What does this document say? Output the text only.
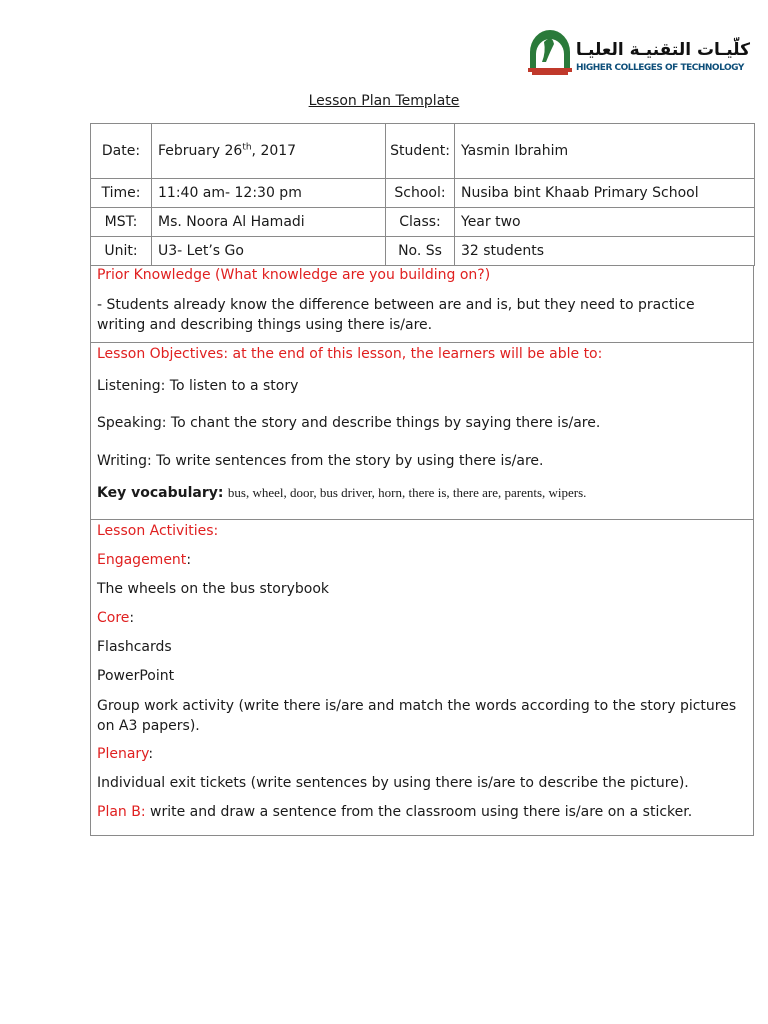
كلّيـات التقنيـة العليـا
HIGHER COLLEGES OF TECHNOLOGY
Lesson Plan Template
Date:	February 26th, 2017	Student:	Yasmin Ibrahim
Time:	11:40 am- 12:30 pm	School:	Nusiba bint Khaab Primary School
MST:	Ms. Noora Al Hamadi	Class:	Year two
Unit:	U3- Let’s Go	No. Ss	32 students

Prior Knowledge (What knowledge are you building on?)

- Students already know the difference between are and is, but they need to practice writing and describing things using there is/are.

Lesson Objectives: at the end of this lesson, the learners will be able to:

Listening: To listen to a story

Speaking: To chant the story and describe things by saying there is/are.

Writing: To write sentences from the story by using there is/are.

Key vocabulary: bus, wheel, door, bus driver, horn, there is, there are, parents, wipers.

Lesson Activities:

Engagement:

The wheels on the bus storybook

Core:

Flashcards

PowerPoint

Group work activity (write there is/are and match the words according to the story pictures on A3 papers).

Plenary:

Individual exit tickets (write sentences by using there is/are to describe the picture).

Plan B: write and draw a sentence from the classroom using there is/are on a sticker.
